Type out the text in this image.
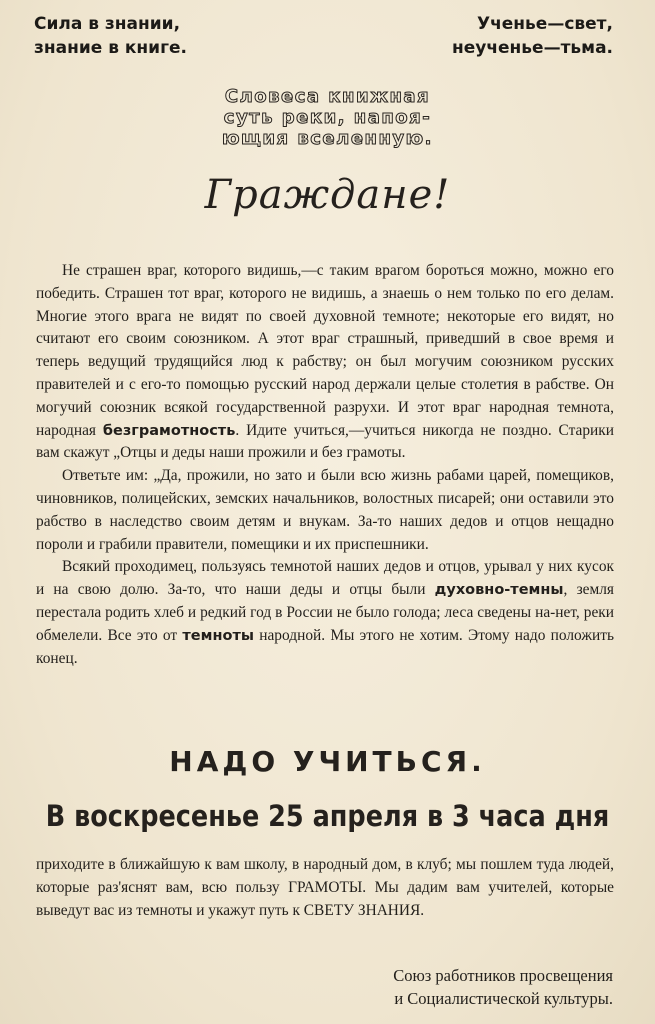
Сила в знании,
знание в книге.
Ученье—свет,
неученье—тьма.
Словеса книжная
суть реки, напоя-
ющия вселенную.
Граждане!

Не страшен враг, которого видишь,—с таким врагом бороться можно, можно его победить. Страшен тот враг, которого не видишь, а знаешь о нем только по его делам. Многие этого врага не видят по своей духовной темноте; некоторые его видят, но считают его своим союзником. А этот враг страшный, приведший в свое время и теперь ведущий трудящийся люд к рабству; он был могучим союзником русских правителей и с его-то помощью русский народ держали целые столетия в рабстве. Он могучий союзник всякой государственной разрухи. И этот враг народная темнота, народная безграмотность. Идите учиться,—учиться никогда не поздно. Старики вам скажут „Отцы и деды наши прожили и без грамоты.

Ответьте им: „Да, прожили, но зато и были всю жизнь рабами царей, помещиков, чиновников, полицейских, земских начальников, волостных писарей; они оставили это рабство в наследство своим детям и внукам. За-то наших дедов и отцов нещадно пороли и грабили правители, помещики и их приспешники.

Всякий проходимец, пользуясь темнотой наших дедов и отцов, урывал у них кусок и на свою долю. За-то, что наши деды и отцы были духовно-темны, земля перестала родить хлеб и редкий год в России не было голода; леса сведены на-нет, реки обмелели. Все это от темноты народной. Мы этого не хотим. Этому надо положить конец.

НАДО УЧИТЬСЯ.
В воскресенье 25 апреля в 3 часа дня

приходите в ближайшую к вам школу, в народный дом, в клуб; мы пошлем туда людей, которые раз'яснят вам, всю пользу ГРАМОТЫ. Мы дадим вам учителей, которые выведут вас из темноты и укажут путь к СВЕТУ ЗНАНИЯ.

Союз работников просвещения
и Социалистической культуры.
